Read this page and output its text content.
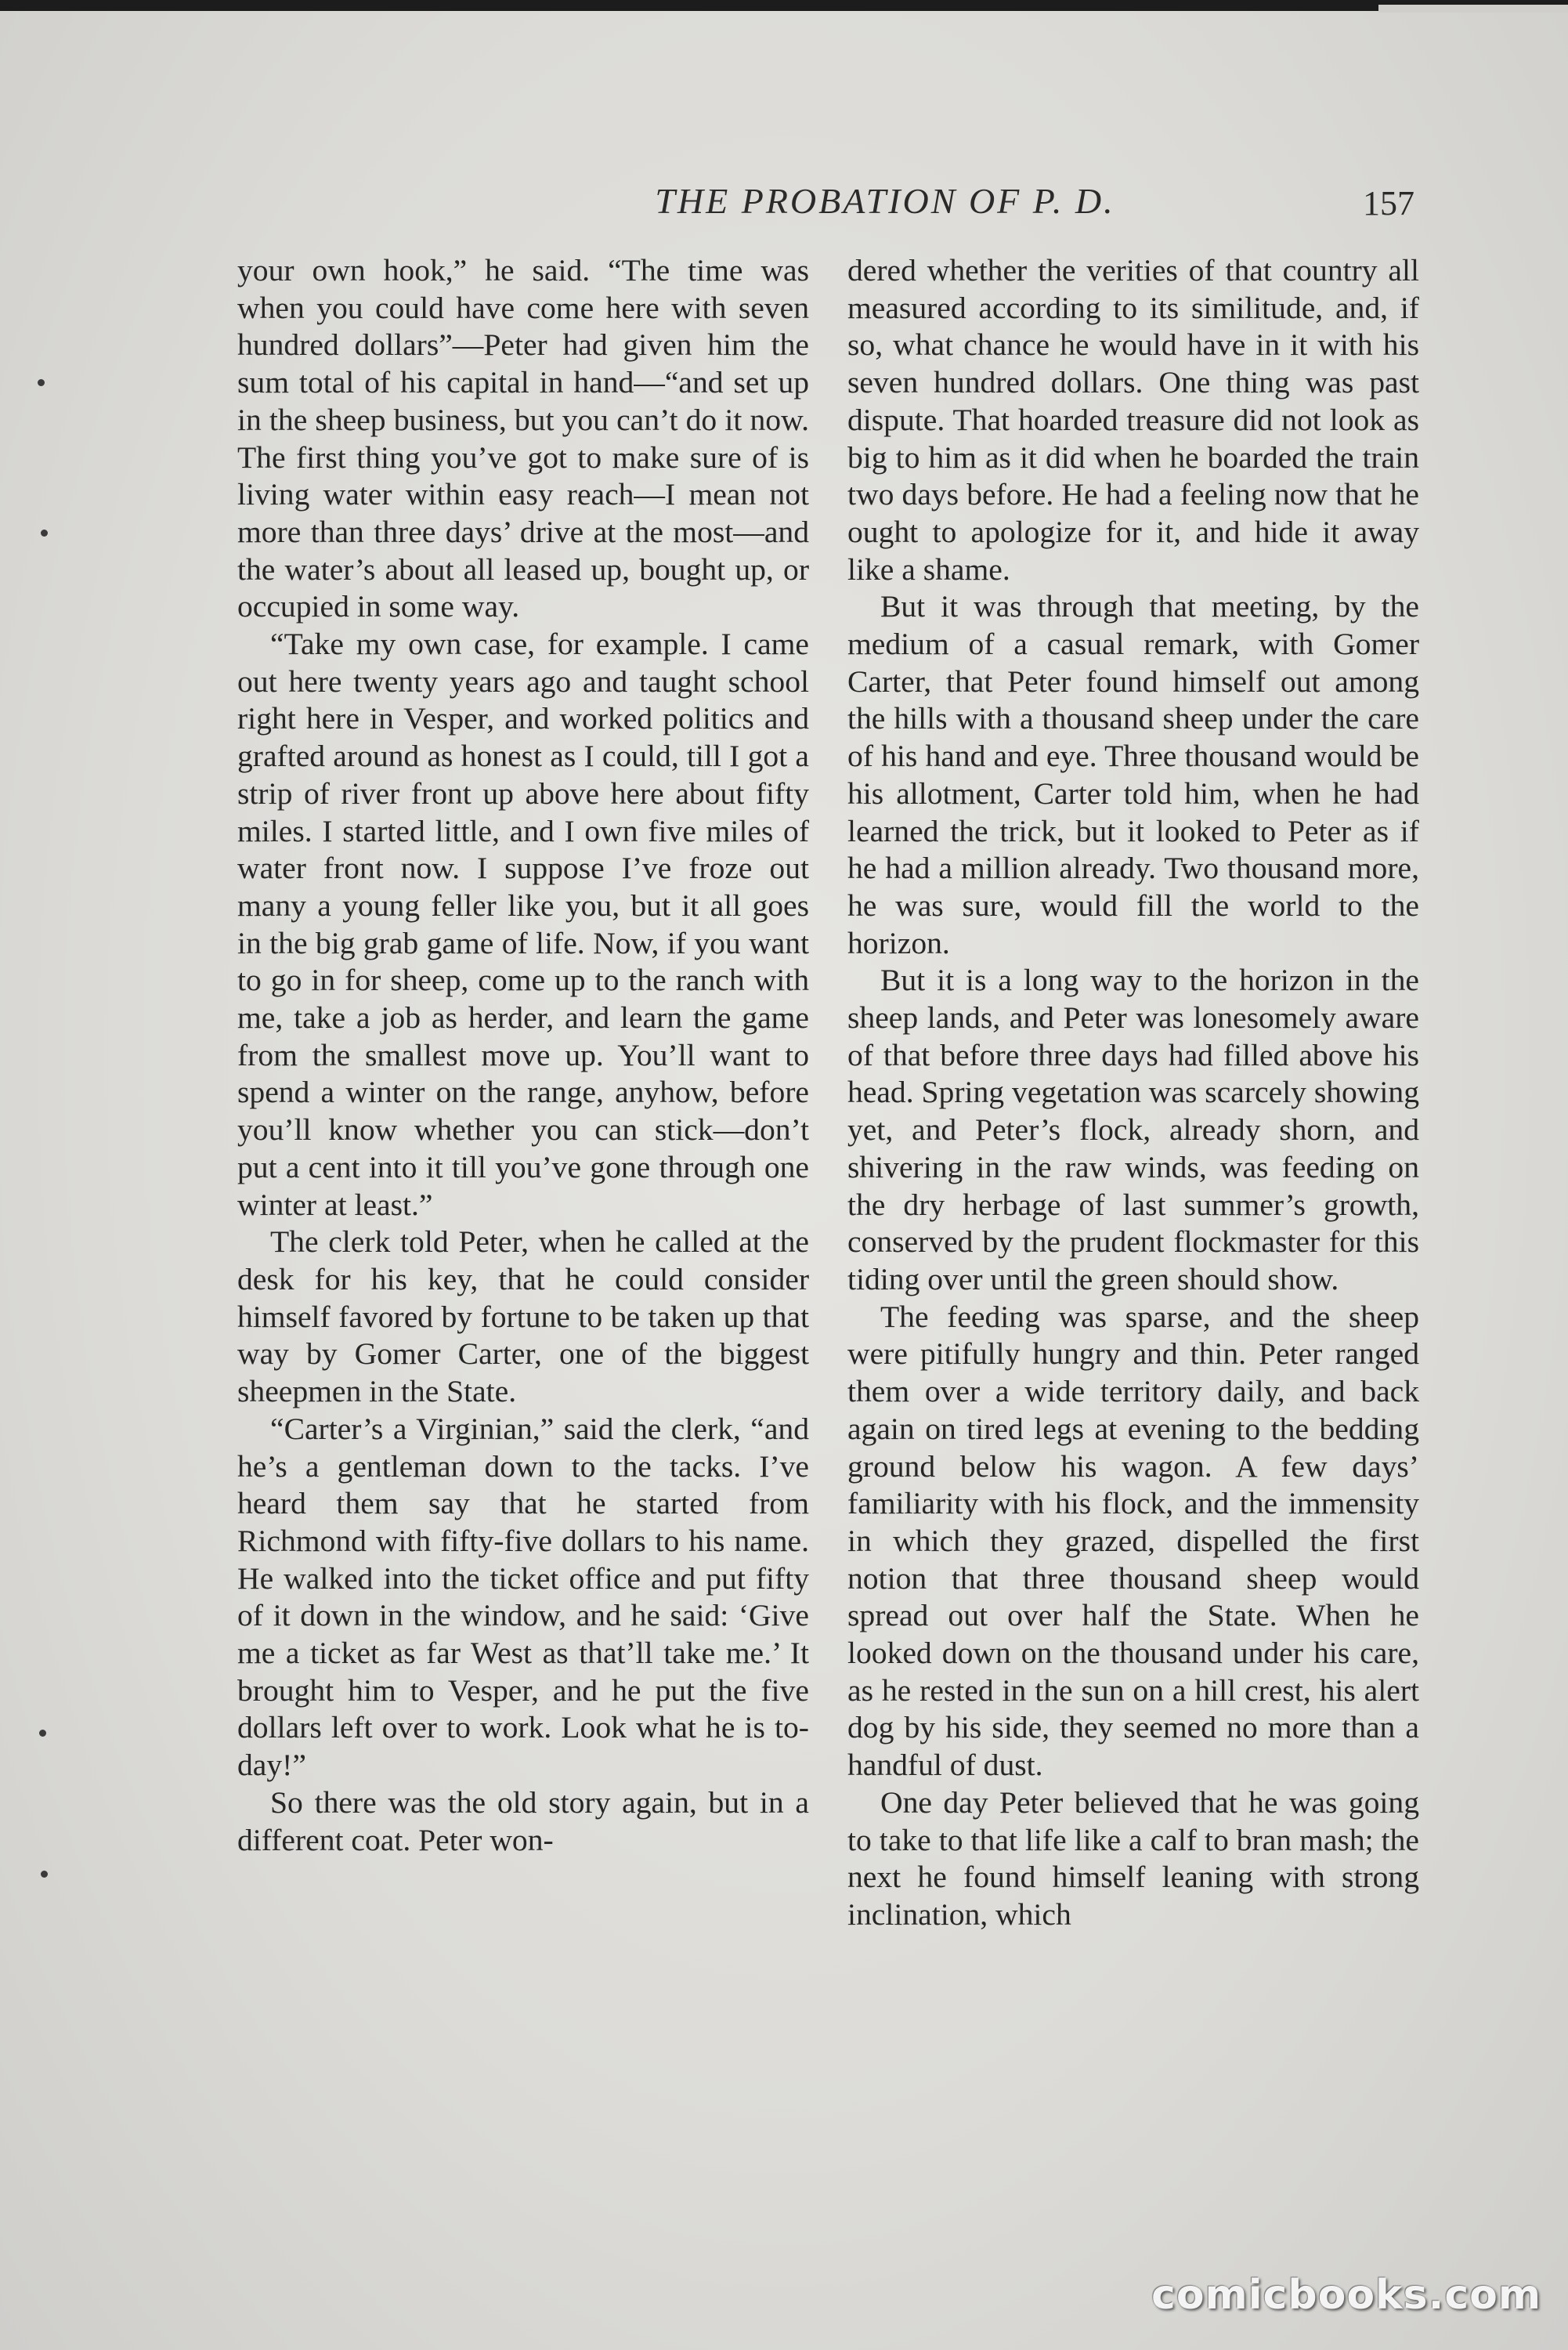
THE PROBATION OF P. D.	157

your own hook,” he said. “The time was when you could have come here with seven hundred dollars”—Peter had given him the sum total of his capital in hand—“and set up in the sheep business, but you can’t do it now. The first thing you’ve got to make sure of is living water within easy reach—I mean not more than three days’ drive at the most—and the water’s about all leased up, bought up, or occupied in some way.

“Take my own case, for example. I came out here twenty years ago and taught school right here in Vesper, and worked politics and grafted around as honest as I could, till I got a strip of river front up above here about fifty miles. I started little, and I own five miles of water front now. I suppose I’ve froze out many a young feller like you, but it all goes in the big grab game of life. Now, if you want to go in for sheep, come up to the ranch with me, take a job as herder, and learn the game from the smallest move up. You’ll want to spend a winter on the range, anyhow, before you’ll know whether you can stick—don’t put a cent into it till you’ve gone through one winter at least.”

The clerk told Peter, when he called at the desk for his key, that he could consider himself favored by fortune to be taken up that way by Gomer Carter, one of the biggest sheepmen in the State.

“Carter’s a Virginian,” said the clerk, “and he’s a gentleman down to the tacks. I’ve heard them say that he started from Richmond with fifty-five dollars to his name. He walked into the ticket office and put fifty of it down in the window, and he said: ‘Give me a ticket as far West as that’ll take me.’ It brought him to Vesper, and he put the five dollars left over to work. Look what he is to-day!”

So there was the old story again, but in a different coat. Peter won-

dered whether the verities of that country all measured according to its similitude, and, if so, what chance he would have in it with his seven hundred dollars. One thing was past dispute. That hoarded treasure did not look as big to him as it did when he boarded the train two days before. He had a feeling now that he ought to apologize for it, and hide it away like a shame.

But it was through that meeting, by the medium of a casual remark, with Gomer Carter, that Peter found himself out among the hills with a thousand sheep under the care of his hand and eye. Three thousand would be his allotment, Carter told him, when he had learned the trick, but it looked to Peter as if he had a million already. Two thousand more, he was sure, would fill the world to the horizon.

But it is a long way to the horizon in the sheep lands, and Peter was lonesomely aware of that before three days had filled above his head. Spring vegetation was scarcely showing yet, and Peter’s flock, already shorn, and shivering in the raw winds, was feeding on the dry herbage of last summer’s growth, conserved by the prudent flockmaster for this tiding over until the green should show.

The feeding was sparse, and the sheep were pitifully hungry and thin. Peter ranged them over a wide territory daily, and back again on tired legs at evening to the bedding ground below his wagon. A few days’ familiarity with his flock, and the immensity in which they grazed, dispelled the first notion that three thousand sheep would spread out over half the State. When he looked down on the thousand under his care, as he rested in the sun on a hill crest, his alert dog by his side, they seemed no more than a handful of dust.

One day Peter believed that he was going to take to that life like a calf to bran mash; the next he found himself leaning with strong inclination, which

comicbooks.com
